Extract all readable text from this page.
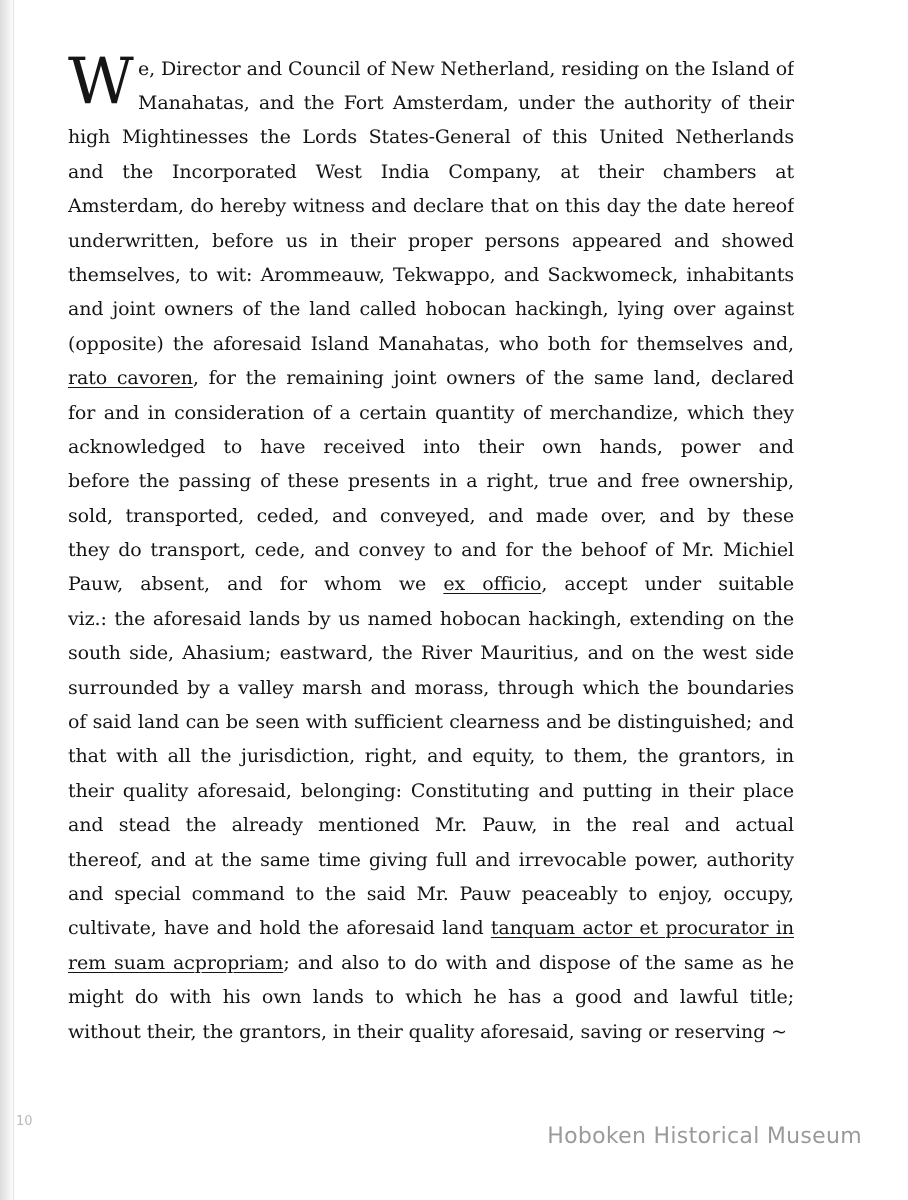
W e, Director and Council of New Netherland, residing on the Island of
Manahatas, and the Fort Amsterdam, under the authority of their
high Mightinesses the Lords States-General of this United Netherlands
and the Incorporated West India Company, at their chambers at
Amsterdam, do hereby witness and declare that on this day the date hereof
underwritten, before us in their proper persons appeared and showed
themselves, to wit: Arommeauw, Tekwappo, and Sackwomeck, inhabitants
and joint owners of the land called hobocan hackingh, lying over against
(opposite) the aforesaid Island Manahatas, who both for themselves and,
rato cavoren, for the remaining joint owners of the same land, declared
for and in consideration of a certain quantity of merchandize, which they
acknowledged to have received into their own hands, power and
before the passing of these presents in a right, true and free ownership,
sold, transported, ceded, and conveyed, and made over, and by these
they do transport, cede, and convey to and for the behoof of Mr. Michiel
Pauw, absent, and for whom we ex officio, accept under suitable
viz.: the aforesaid lands by us named hobocan hackingh, extending on the
south side, Ahasium; eastward, the River Mauritius, and on the west side
surrounded by a valley marsh and morass, through which the boundaries
of said land can be seen with sufficient clearness and be distinguished; and
that with all the jurisdiction, right, and equity, to them, the grantors, in
their quality aforesaid, belonging: Constituting and putting in their place
and stead the already mentioned Mr. Pauw, in the real and actual
thereof, and at the same time giving full and irrevocable power, authority
and special command to the said Mr. Pauw peaceably to enjoy, occupy,
cultivate, have and hold the aforesaid land tanquam actor et procurator in
rem suam acpropriam; and also to do with and dispose of the same as he
might do with his own lands to which he has a good and lawful title;
without their, the grantors, in their quality aforesaid, saving or reserving ~
10
Hoboken Historical Museum
